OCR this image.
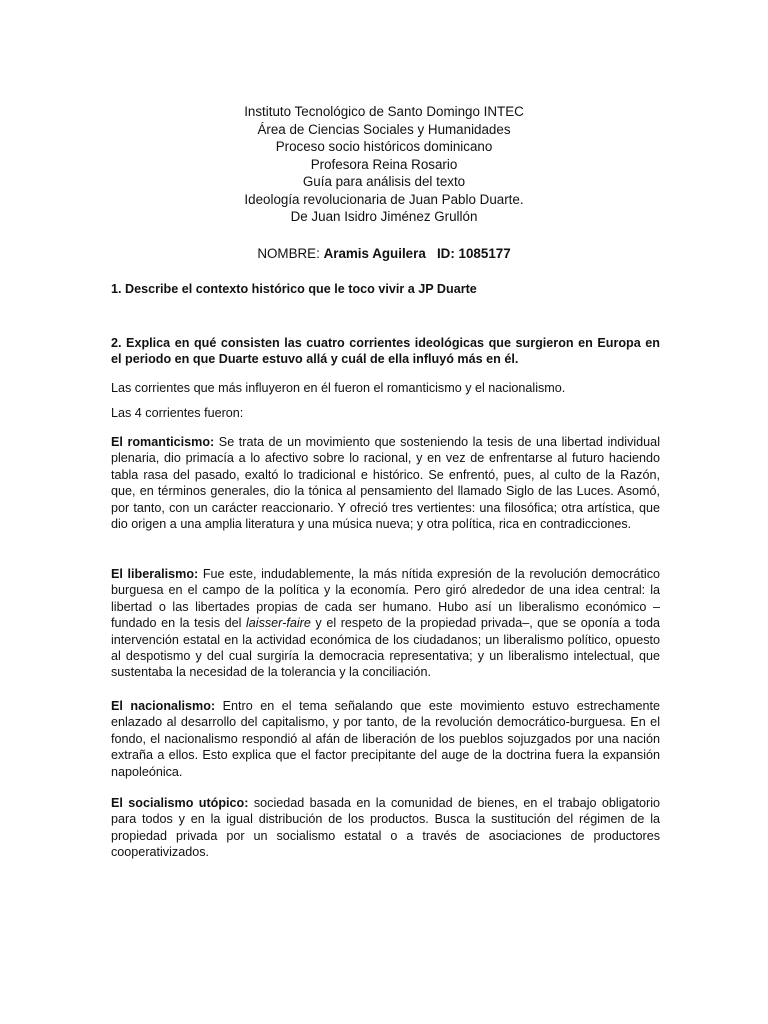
Instituto Tecnológico de Santo Domingo INTEC
Área de Ciencias Sociales y Humanidades
Proceso socio históricos dominicano
Profesora Reina Rosario
Guía para análisis del texto
Ideología revolucionaria de Juan Pablo Duarte.
De Juan Isidro Jiménez Grullón
NOMBRE: Aramis Aguilera ID: 1085177
1. Describe el contexto histórico que le toco vivir a JP Duarte
2. Explica en qué consisten las cuatro corrientes ideológicas que surgieron en Europa en el periodo en que Duarte estuvo allá y cuál de ella influyó más en él.
Las corrientes que más influyeron en él fueron el romanticismo y el nacionalismo.
Las 4 corrientes fueron:
El romanticismo: Se trata de un movimiento que sosteniendo la tesis de una libertad individual plenaria, dio primacía a lo afectivo sobre lo racional, y en vez de enfrentarse al futuro haciendo tabla rasa del pasado, exaltó lo tradicional e histórico. Se enfrentó, pues, al culto de la Razón, que, en términos generales, dio la tónica al pensamiento del llamado Siglo de las Luces. Asomó, por tanto, con un carácter reaccionario. Y ofreció tres vertientes: una filosófica; otra artística, que dio origen a una amplia literatura y una música nueva; y otra política, rica en contradicciones.
El liberalismo: Fue este, indudablemente, la más nítida expresión de la revolución democrático burguesa en el campo de la política y la economía. Pero giró alrededor de una idea central: la libertad o las libertades propias de cada ser humano. Hubo así un liberalismo económico – fundado en la tesis del laisser-faire y el respeto de la propiedad privada–, que se oponía a toda intervención estatal en la actividad económica de los ciudadanos; un liberalismo político, opuesto al despotismo y del cual surgiría la democracia representativa; y un liberalismo intelectual, que sustentaba la necesidad de la tolerancia y la conciliación.
El nacionalismo: Entro en el tema señalando que este movimiento estuvo estrechamente enlazado al desarrollo del capitalismo, y por tanto, de la revolución democrático-burguesa. En el fondo, el nacionalismo respondió al afán de liberación de los pueblos sojuzgados por una nación extraña a ellos. Esto explica que el factor precipitante del auge de la doctrina fuera la expansión napoleónica.
El socialismo utópico: sociedad basada en la comunidad de bienes, en el trabajo obligatorio para todos y en la igual distribución de los productos. Busca la sustitución del régimen de la propiedad privada por un socialismo estatal o a través de asociaciones de productores cooperativizados.
